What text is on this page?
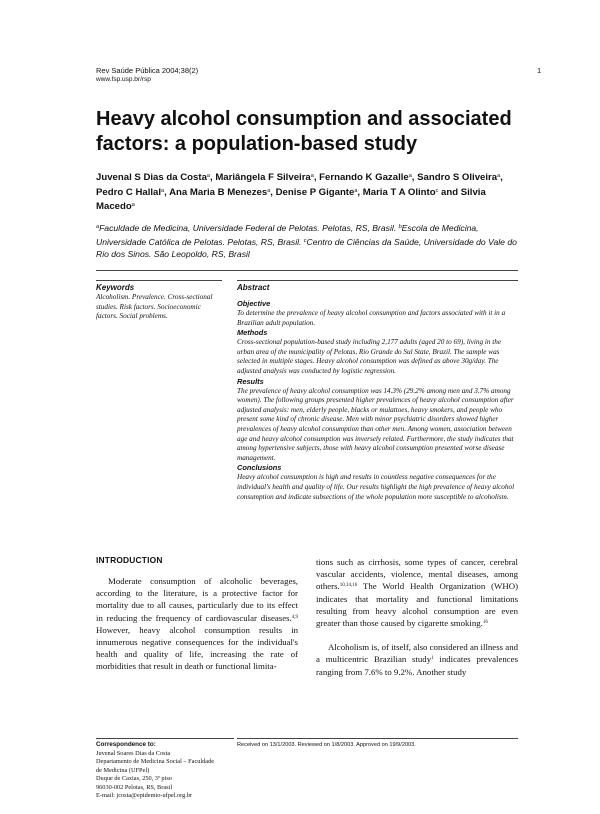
Rev Saúde Pública 2004;38(2)
www.fsp.usp.br/rsp
1
Heavy alcohol consumption and associated factors: a population-based study
Juvenal S Dias da Costa$^a$, Mariângela F Silveira$^a$, Fernando K Gazalle$^a$, Sandro S Oliveira$^a$, Pedro C Hallal$^a$, Ana Maria B Menezes$^a$, Denise P Gigante$^a$, Maria T A Olinto$^c$ and Silvia Macedo$^a$
$^a$Faculdade de Medicina, Universidade Federal de Pelotas. Pelotas, RS, Brasil. $^b$Escola de Medicina, Universidade Católica de Pelotas. Pelotas, RS, Brasil. $^c$Centro de Ciências da Saúde, Universidade do Vale do Rio dos Sinos. São Leopoldo, RS, Brasil
Keywords
Alcoholism. Prevalence. Cross-sectional studies. Risk factors. Socioeconomic factors. Social problems.
Abstract
Objective

To determine the prevalence of heavy alcohol consumption and factors associated with it in a Brazilian adult population.

Methods

Cross-sectional population-based study including 2,177 adults (aged 20 to 69), living in the urban area of the municipality of Pelotas, Rio Grande do Sul State, Brazil. The sample was selected in multiple stages. Heavy alcohol consumption was defined as above 30g/day. The adjusted analysis was conducted by logistic regression.

Results

The prevalence of heavy alcohol consumption was 14.3% (29.2% among men and 3.7% among women). The following groups presented higher prevalences of heavy alcohol consumption after adjusted analysis: men, elderly people, blacks or mulattoes, heavy smokers, and people who present some kind of chronic disease. Men with minor psychiatric disorders showed higher prevalences of heavy alcohol consumption than other men. Among women, association between age and heavy alcohol consumption was inversely related. Furthermore, the study indicates that among hypertensive subjects, those with heavy alcohol consumption presented worse disease management.

Conclusions

Heavy alcohol consumption is high and results in countless negative consequences for the individual's health and quality of life. Our results highlight the high prevalence of heavy alcohol consumption and indicate subsections of the whole population more susceptible to alcoholism.

INTRODUCTION

Moderate consumption of alcoholic beverages, according to the literature, is a protective factor for mortality due to all causes, particularly due to its effect in reducing the frequency of cardiovascular diseases.$^{4,9}$ However, heavy alcohol consumption results in innumerous negative consequences for the individual's health and quality of life, increasing the rate of morbidities that result in death or functional limita-

tions such as cirrhosis, some types of cancer, cerebral vascular accidents, violence, mental diseases, among others.$^{10,14,16}$ The World Health Organization (WHO) indicates that mortality and functional limitations resulting from heavy alcohol consumption are even greater than those caused by cigarette smoking.$^{16}$

Alcoholism is, of itself, also considered an illness and a multicentric Brazilian study$^1$ indicates prevalences ranging from 7.6% to 9.2%. Another study

Correspondence to:
Juvenal Soares Dias da Costa
Departamento de Medicina Social – Faculdade
de Medicina (UFPel)
Duque de Caxias, 250, 3º piso
96030-002 Pelotas, RS, Brasil
E-mail: jcosta@epidemio-ufpel.org.br
Received on 13/1/2003. Reviewed on 1/8/2003. Approved on 19/9/2003.
